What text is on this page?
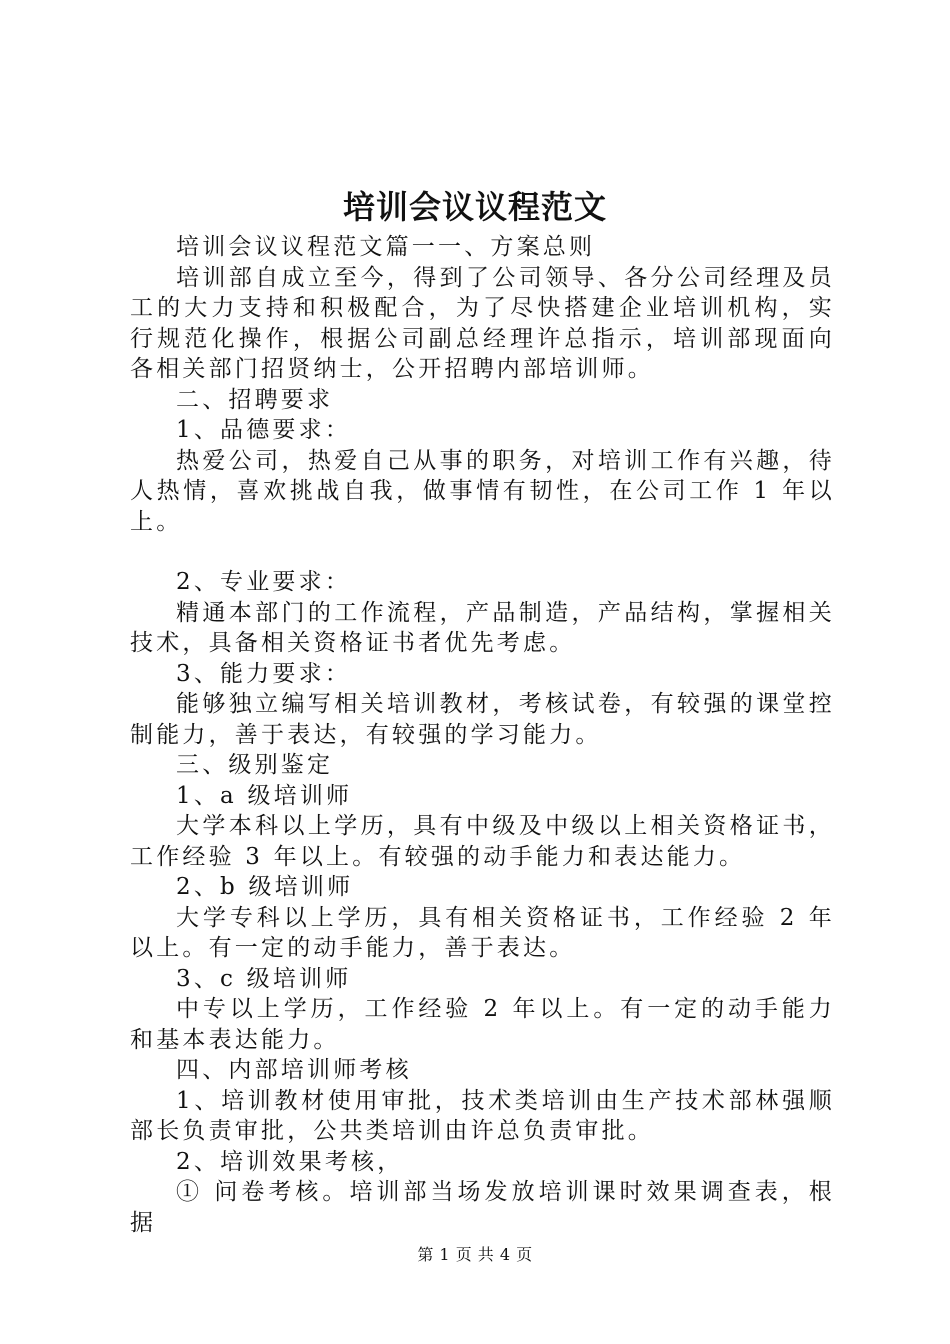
培训会议议程范文

培训会议议程范文篇一一、方案总则

培训部自成立至今，得到了公司领导、各分公司经理及员工的大力支持和积极配合，为了尽快搭建企业培训机构，实行规范化操作，根据公司副总经理许总指示，培训部现面向各相关部门招贤纳士，公开招聘内部培训师。

二、招聘要求

1、品德要求：

热爱公司，热爱自己从事的职务，对培训工作有兴趣，待人热情，喜欢挑战自我，做事情有韧性，在公司工作 1 年以上。

2、专业要求：

精通本部门的工作流程，产品制造，产品结构，掌握相关技术，具备相关资格证书者优先考虑。

3、能力要求：

能够独立编写相关培训教材，考核试卷，有较强的课堂控制能力，善于表达，有较强的学习能力。

三、级别鉴定

1、a 级培训师

大学本科以上学历，具有中级及中级以上相关资格证书，工作经验 3 年以上。有较强的动手能力和表达能力。

2、b 级培训师

大学专科以上学历，具有相关资格证书，工作经验 2 年以上。有一定的动手能力，善于表达。

3、c 级培训师

中专以上学历，工作经验 2 年以上。有一定的动手能力和基本表达能力。

四、内部培训师考核

1、培训教材使用审批，技术类培训由生产技术部林强顺部长负责审批，公共类培训由许总负责审批。

2、培训效果考核，

① 问卷考核。培训部当场发放培训课时效果调查表，根据

第 1 页 共 4 页
